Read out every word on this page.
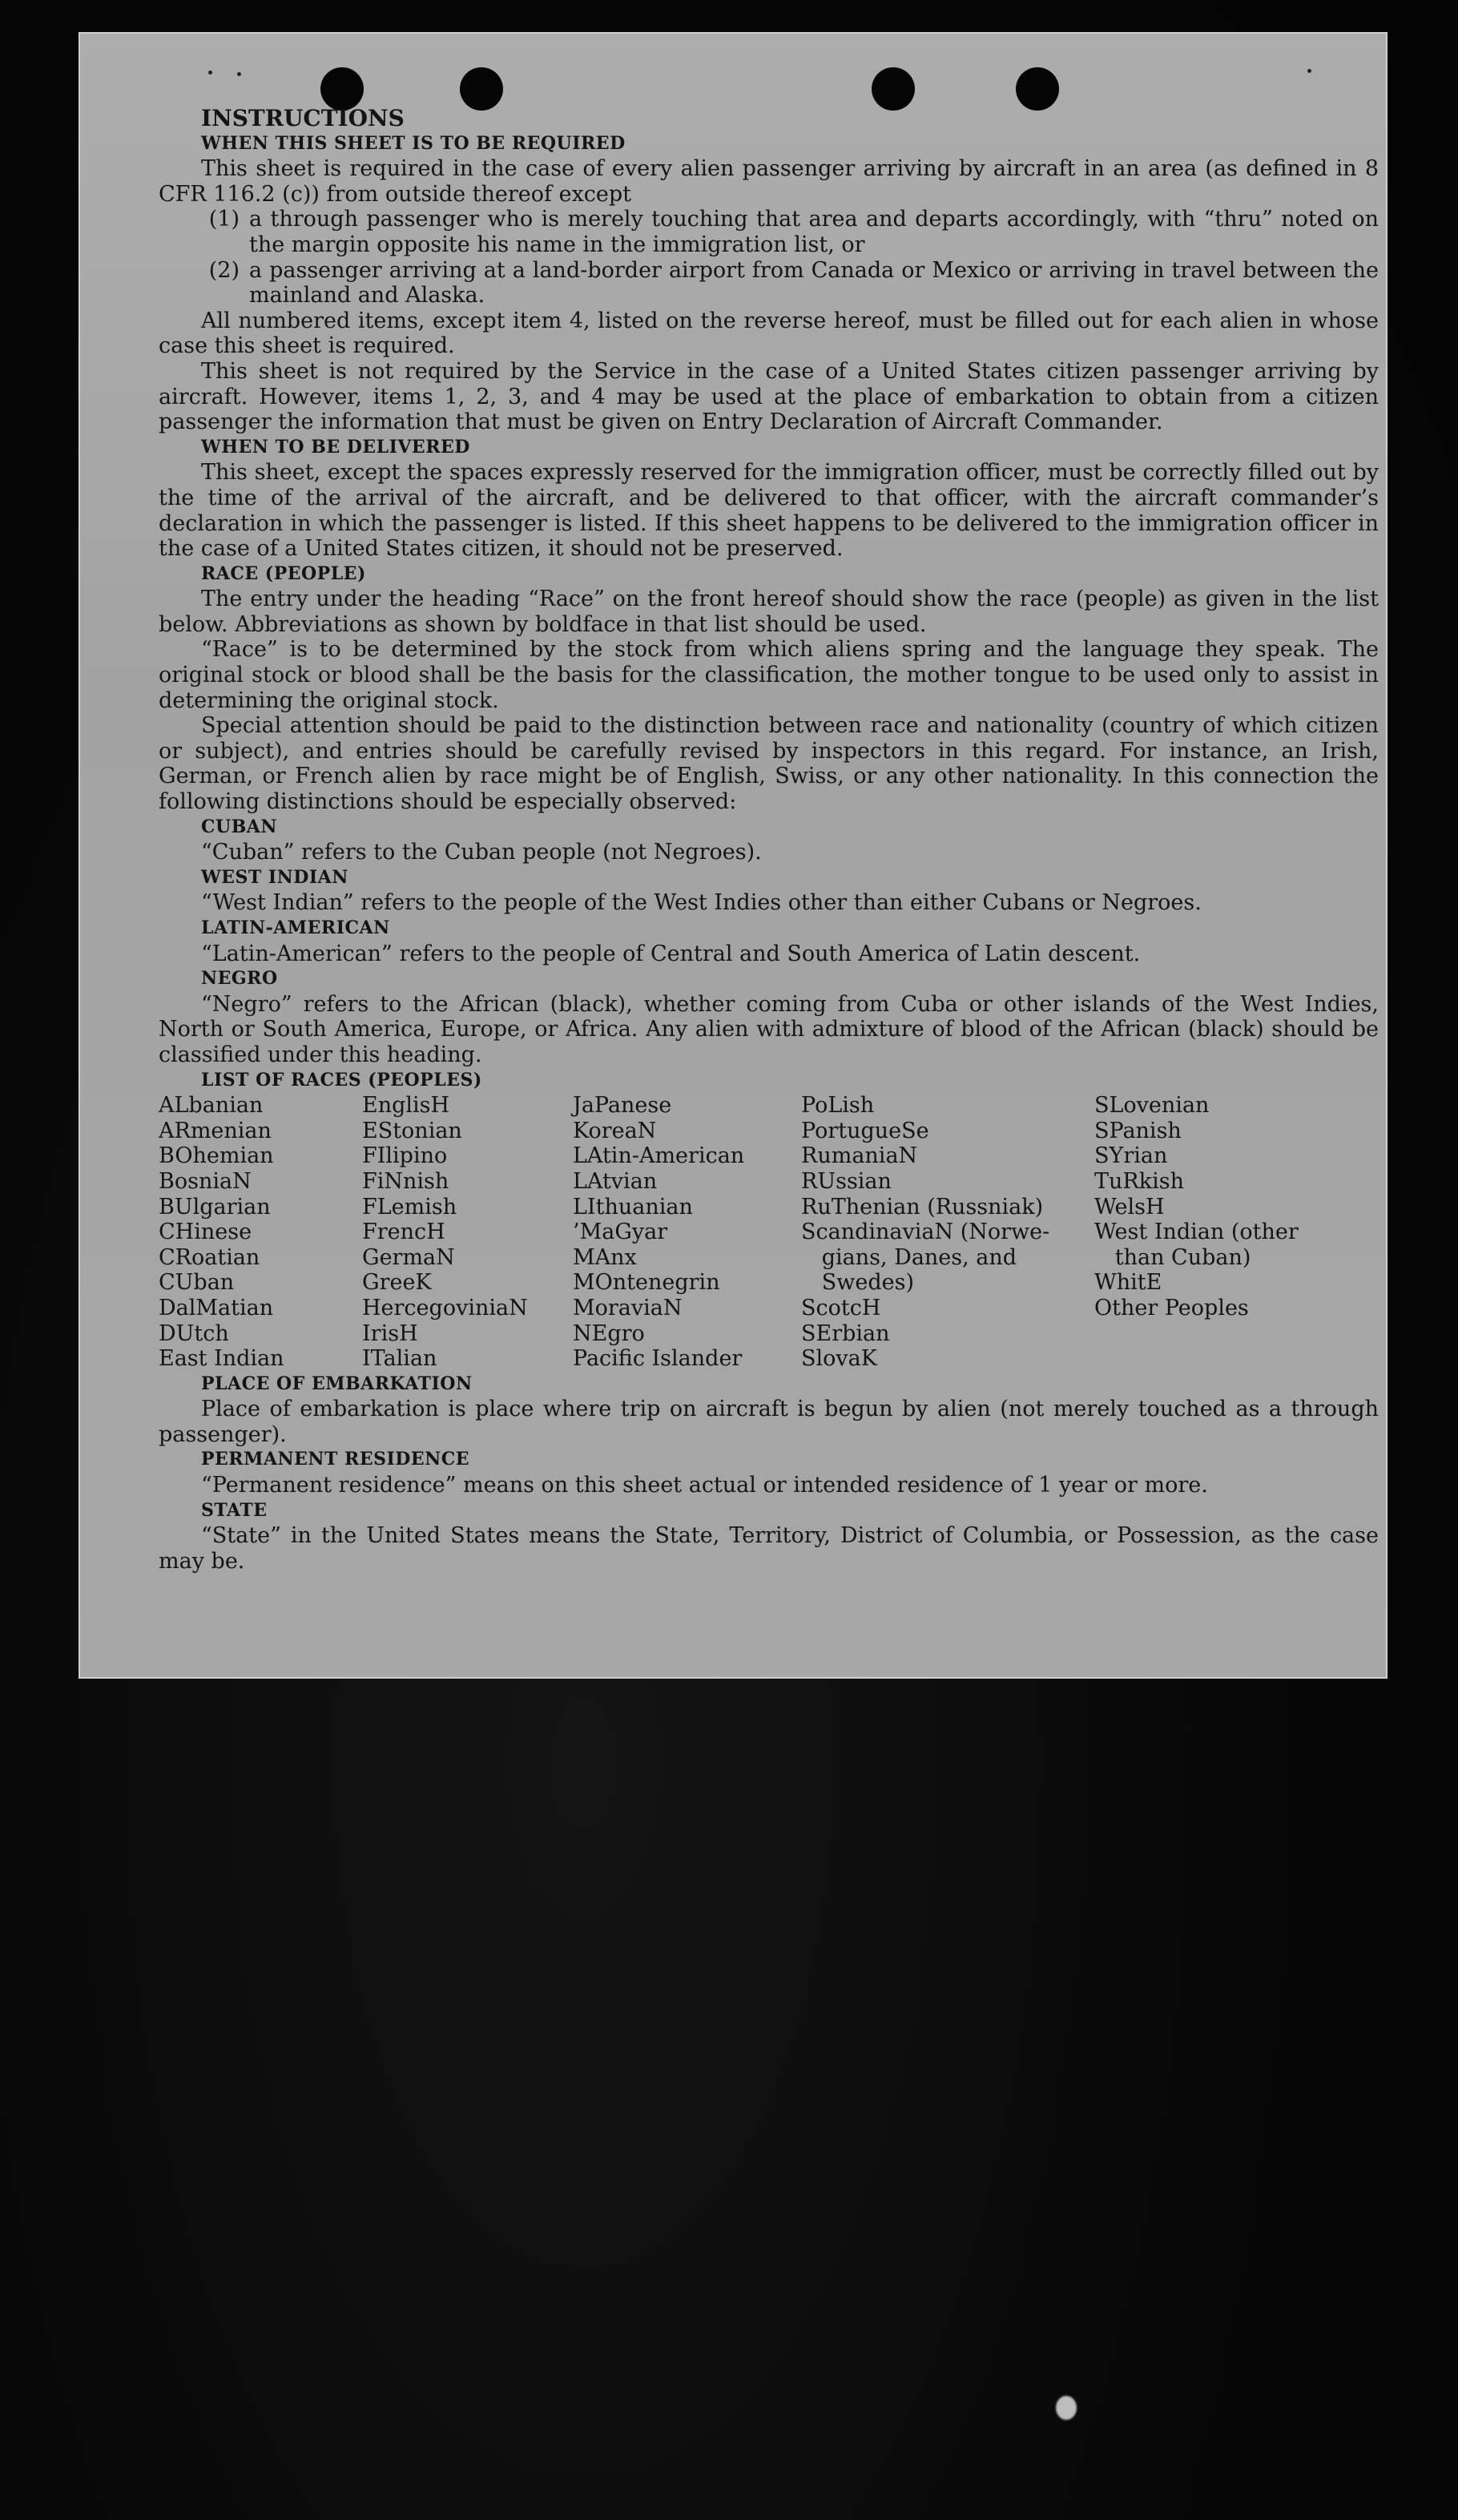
INSTRUCTIONS

WHEN THIS SHEET IS TO BE REQUIRED

This sheet is required in the case of every alien passenger arriving by aircraft in an area (as defined in 8 CFR 116.2 (c)) from outside thereof except

(1) a through passenger who is merely touching that area and departs accordingly, with “thru” noted on the margin opposite his name in the immigration list, or
(2) a passenger arriving at a land-border airport from Canada or Mexico or arriving in travel between the mainland and Alaska.

All numbered items, except item 4, listed on the reverse hereof, must be filled out for each alien in whose case this sheet is required.

This sheet is not required by the Service in the case of a United States citizen passenger arriving by aircraft. However, items 1, 2, 3, and 4 may be used at the place of embarkation to obtain from a citizen passenger the information that must be given on Entry Declaration of Aircraft Commander.

WHEN TO BE DELIVERED

This sheet, except the spaces expressly reserved for the immigration officer, must be correctly filled out by the time of the arrival of the aircraft, and be delivered to that officer, with the aircraft commander’s declaration in which the passenger is listed. If this sheet happens to be delivered to the immigration officer in the case of a United States citizen, it should not be preserved.

RACE (PEOPLE)

The entry under the heading “Race” on the front hereof should show the race (people) as given in the list below. Abbreviations as shown by boldface in that list should be used.

“Race” is to be determined by the stock from which aliens spring and the language they speak. The original stock or blood shall be the basis for the classification, the mother tongue to be used only to assist in determining the original stock.

Special attention should be paid to the distinction between race and nationality (country of which citizen or subject), and entries should be carefully revised by inspectors in this regard. For instance, an Irish, German, or French alien by race might be of English, Swiss, or any other nationality. In this connection the following distinctions should be especially observed:

CUBAN

“Cuban” refers to the Cuban people (not Negroes).

WEST INDIAN

“West Indian” refers to the people of the West Indies other than either Cubans or Negroes.

LATIN-AMERICAN

“Latin-American” refers to the people of Central and South America of Latin descent.

NEGRO

“Negro” refers to the African (black), whether coming from Cuba or other islands of the West Indies, North or South America, Europe, or Africa. Any alien with admixture of blood of the African (black) should be classified under this heading.

LIST OF RACES (PEOPLES)

ALbanian
ARmenian
BOhemian
BosniaN
BUlgarian
CHinese
CRoatian
CUban
DalMatian
DUtch
East Indian
EnglisH
EStonian
FIlipino
FiNnish
FLemish
FrencH
GermaN
GreeK
HercegoviniaN
IrisH
ITalian
JaPanese
KoreaN
LAtin-American
LAtvian
LIthuanian
’MaGyar
MAnx
MOntenegrin
MoraviaN
NEgro
Pacific Islander
PoLish
PortugueSe
RumaniaN
RUssian
RuThenian (Russniak)
ScandinaviaN (Norwe-
gians, Danes, and
Swedes)
ScotcH
SErbian
SlovaK
SLovenian
SPanish
SYrian
TuRkish
WelsH
West Indian (other
than Cuban)
WhitE
Other Peoples

PLACE OF EMBARKATION

Place of embarkation is place where trip on aircraft is begun by alien (not merely touched as a through passenger).

PERMANENT RESIDENCE

“Permanent residence” means on this sheet actual or intended residence of 1 year or more.

STATE

“State” in the United States means the State, Territory, District of Columbia, or Possession, as the case may be.
